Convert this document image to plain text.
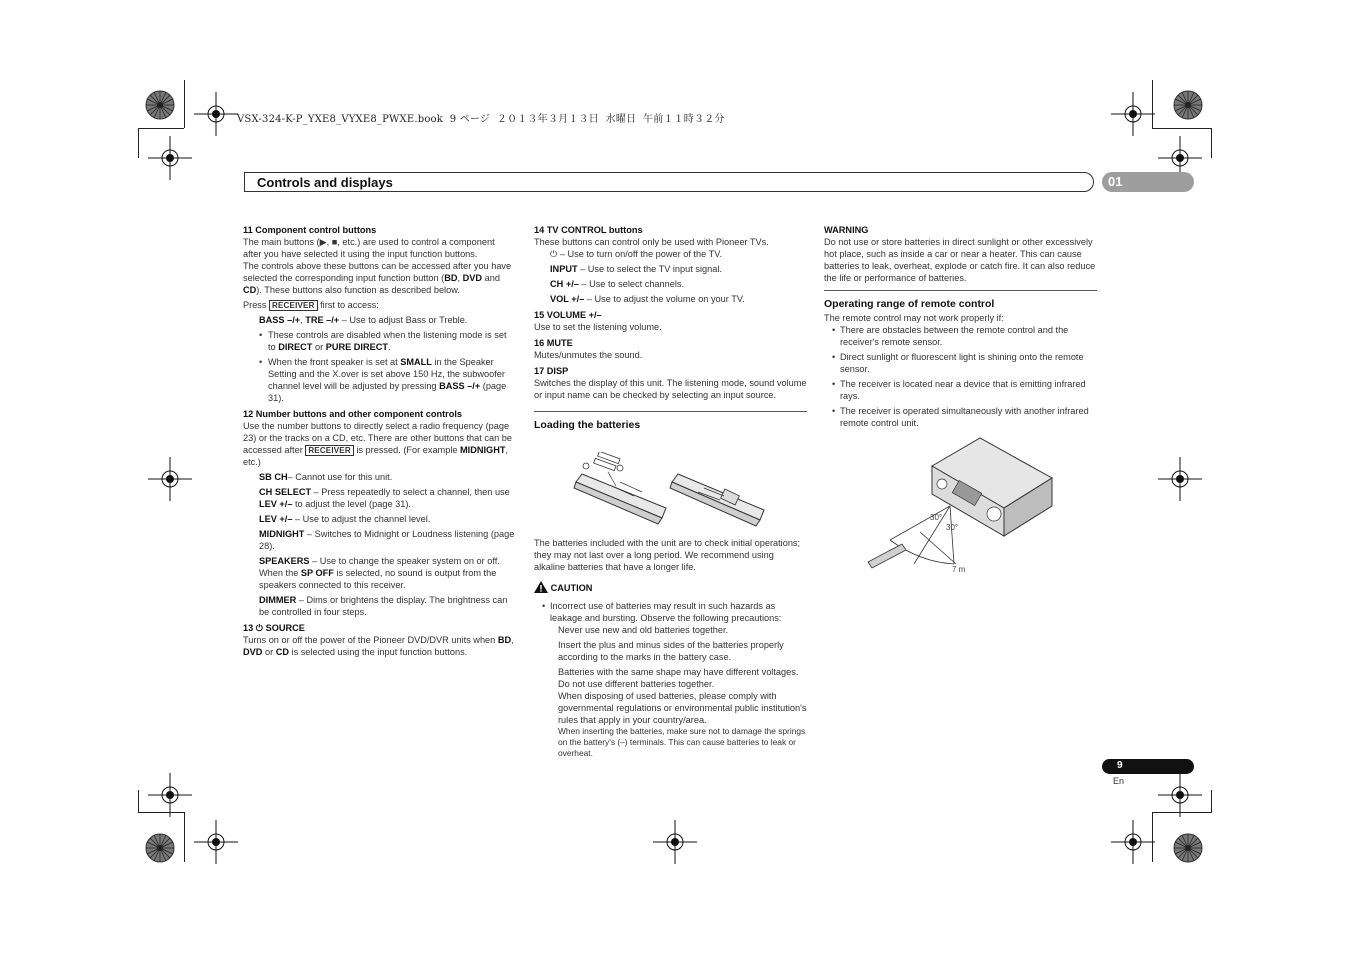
VSX-324-K-P_YXE8_VYXE8_PWXE.book  9 ページ  ２０１３年３月１３日  水曜日  午前１１時３２分
Controls and displays	01

11 Component control buttons

The main buttons (▶, ■, etc.) are used to control a component after you have selected it using the input function buttons.

The controls above these buttons can be accessed after you have selected the corresponding input function button (BD, DVD and CD). These buttons also function as described below.

Press RECEIVER first to access:

BASS –/+, TRE –/+ – Use to adjust Bass or Treble.

• These controls are disabled when the listening mode is set to DIRECT or PURE DIRECT.

• When the front speaker is set at SMALL in the Speaker Setting and the X.over is set above 150 Hz, the subwoofer channel level will be adjusted by pressing BASS –/+ (page 31).

12 Number buttons and other component controls

Use the number buttons to directly select a radio frequency (page 23) or the tracks on a CD, etc. There are other buttons that can be accessed after RECEIVER is pressed. (For example MIDNIGHT, etc.)

SB CH– Cannot use for this unit.

CH SELECT – Press repeatedly to select a channel, then use LEV +/– to adjust the level (page 31).

LEV +/– – Use to adjust the channel level.

MIDNIGHT – Switches to Midnight or Loudness listening (page 28).

SPEAKERS – Use to change the speaker system on or off. When the SP OFF is selected, no sound is output from the speakers connected to this receiver.

DIMMER – Dims or brightens the display. The brightness can be controlled in four steps.

13 ⏻ SOURCE

Turns on or off the power of the Pioneer DVD/DVR units when BD, DVD or CD is selected using the input function buttons.

14 TV CONTROL buttons

These buttons can control only be used with Pioneer TVs.

⏻ – Use to turn on/off the power of the TV.

INPUT – Use to select the TV input signal.

CH +/– – Use to select channels.

VOL +/– – Use to adjust the volume on your TV.

15 VOLUME +/–

Use to set the listening volume.

16 MUTE

Mutes/unmutes the sound.

17 DISP

Switches the display of this unit. The listening mode, sound volume or input name can be checked by selecting an input source.

Loading the batteries

The batteries included with the unit are to check initial operations; they may not last over a long period. We recommend using alkaline batteries that have a longer life.

CAUTION

• Incorrect use of batteries may result in such hazards as leakage and bursting. Observe the following precautions:

Never use new and old batteries together.

Insert the plus and minus sides of the batteries properly according to the marks in the battery case.

Batteries with the same shape may have different voltages. Do not use different batteries together.

When disposing of used batteries, please comply with governmental regulations or environmental public institution's rules that apply in your country/area.

When inserting the batteries, make sure not to damage the springs on the battery's (–) terminals. This can cause batteries to leak or overheat.

WARNING

Do not use or store batteries in direct sunlight or other excessively hot place, such as inside a car or near a heater. This can cause batteries to leak, overheat, explode or catch fire. It can also reduce the life or performance of batteries.

Operating range of remote control

The remote control may not work properly if:

• There are obstacles between the remote control and the receiver's remote sensor.

• Direct sunlight or fluorescent light is shining onto the remote sensor.

• The receiver is located near a device that is emitting infrared rays.

• The receiver is operated simultaneously with another infrared remote control unit.

30°
30°
7 m
9
En
